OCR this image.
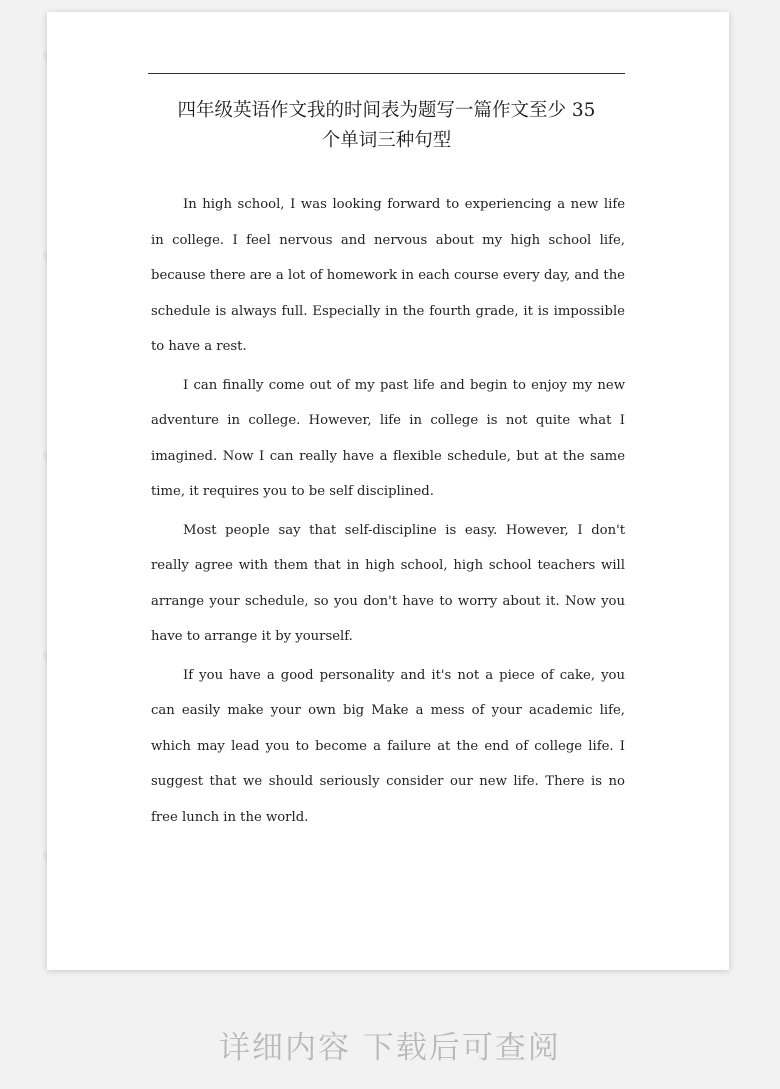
四年级英语作文我的时间表为题写一篇作文至少 35
个单词三种句型

In high school, I was looking forward to experiencing a new life in college. I feel nervous and nervous about my high school life, because there are a lot of homework in each course every day, and the schedule is always full. Especially in the fourth grade, it is impossible to have a rest.

I can finally come out of my past life and begin to enjoy my new adventure in college. However, life in college is not quite what I imagined. Now I can really have a flexible schedule, but at the same time, it requires you to be self disciplined.

Most people say that self-discipline is easy. However, I don't really agree with them that in high school, high school teachers will arrange your schedule, so you don't have to worry about it. Now you have to arrange it by yourself.

If you have a good personality and it's not a piece of cake, you can easily make your own big Make a mess of your academic life, which may lead you to become a failure at the end of college life. I suggest that we should seriously consider our new life. There is no free lunch in the world.

详细内容 下载后可查阅
